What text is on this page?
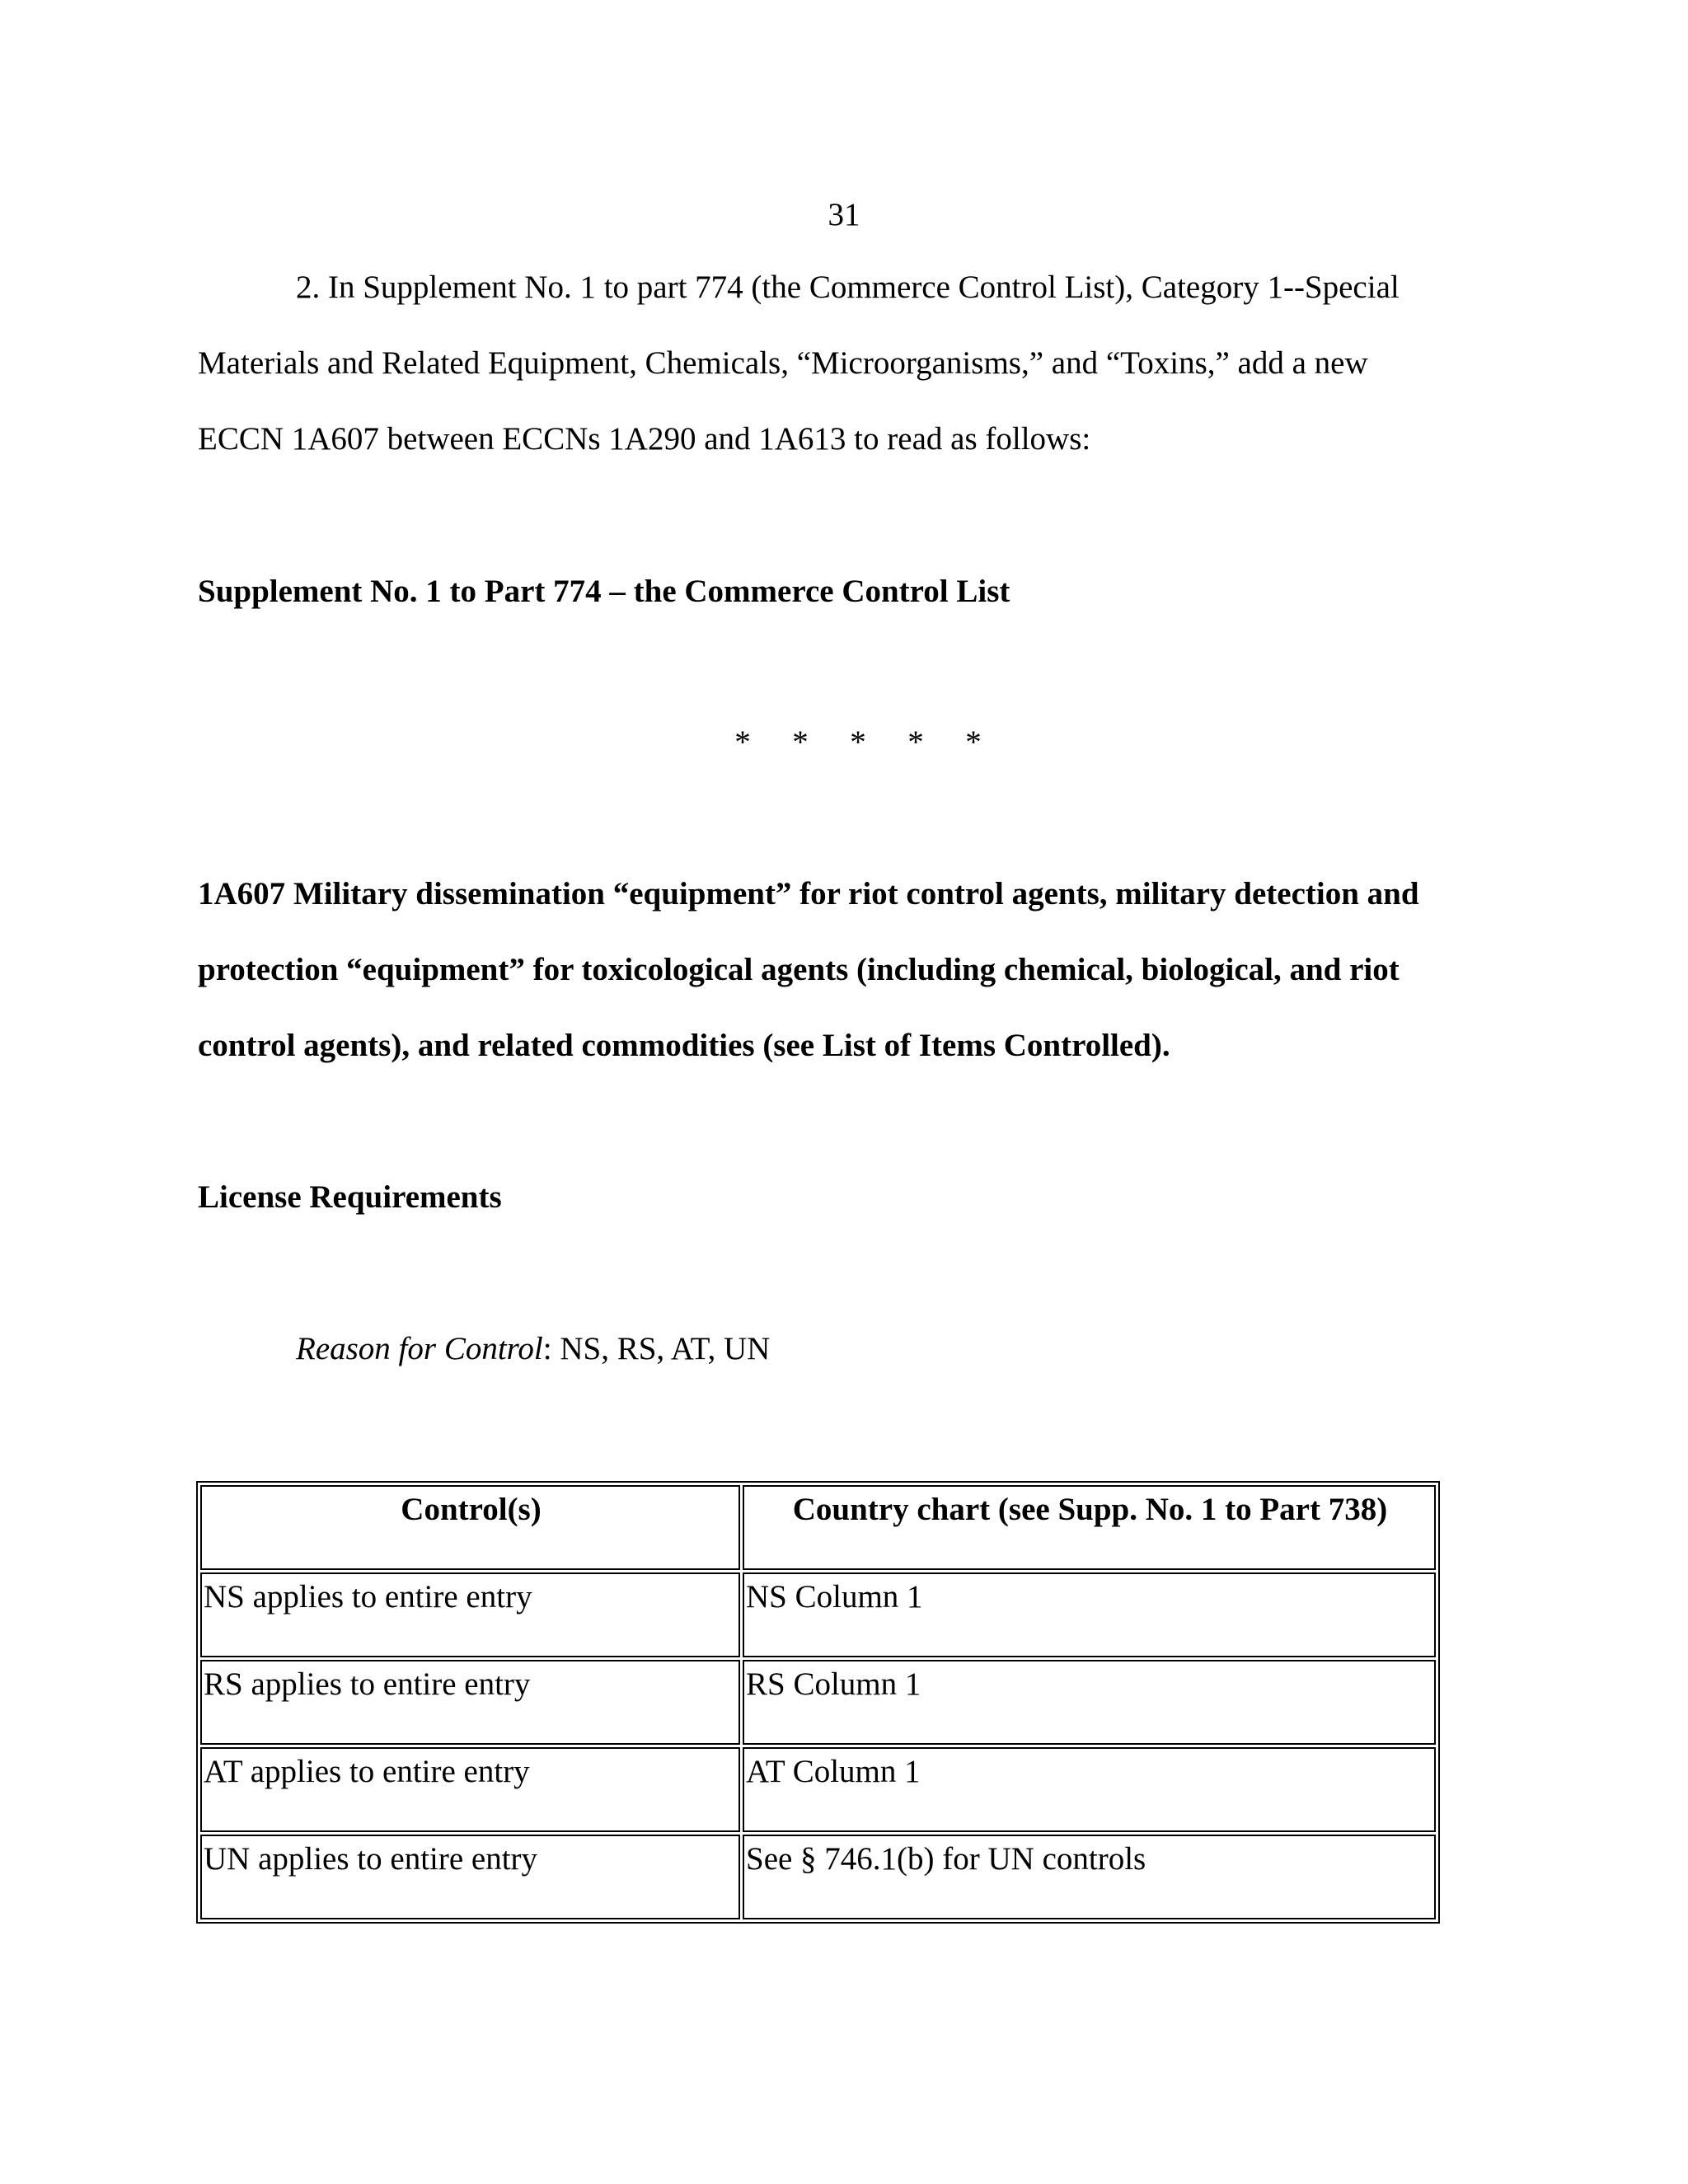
31
2. In Supplement No. 1 to part 774 (the Commerce Control List), Category 1--Special
Materials and Related Equipment, Chemicals, “Microorganisms,” and “Toxins,” add a new
ECCN 1A607 between ECCNs 1A290 and 1A613 to read as follows:
Supplement No. 1 to Part 774 – the Commerce Control List
*	*	*	*	*
1A607 Military dissemination “equipment” for riot control agents, military detection and
protection “equipment” for toxicological agents (including chemical, biological, and riot
control agents), and related commodities (see List of Items Controlled).
License Requirements
Reason for Control: NS, RS, AT, UN
Control(s)	Country chart (see Supp. No. 1 to Part 738)
NS applies to entire entry	NS Column 1
RS applies to entire entry	RS Column 1
AT applies to entire entry	AT Column 1
UN applies to entire entry	See § 746.1(b) for UN controls
